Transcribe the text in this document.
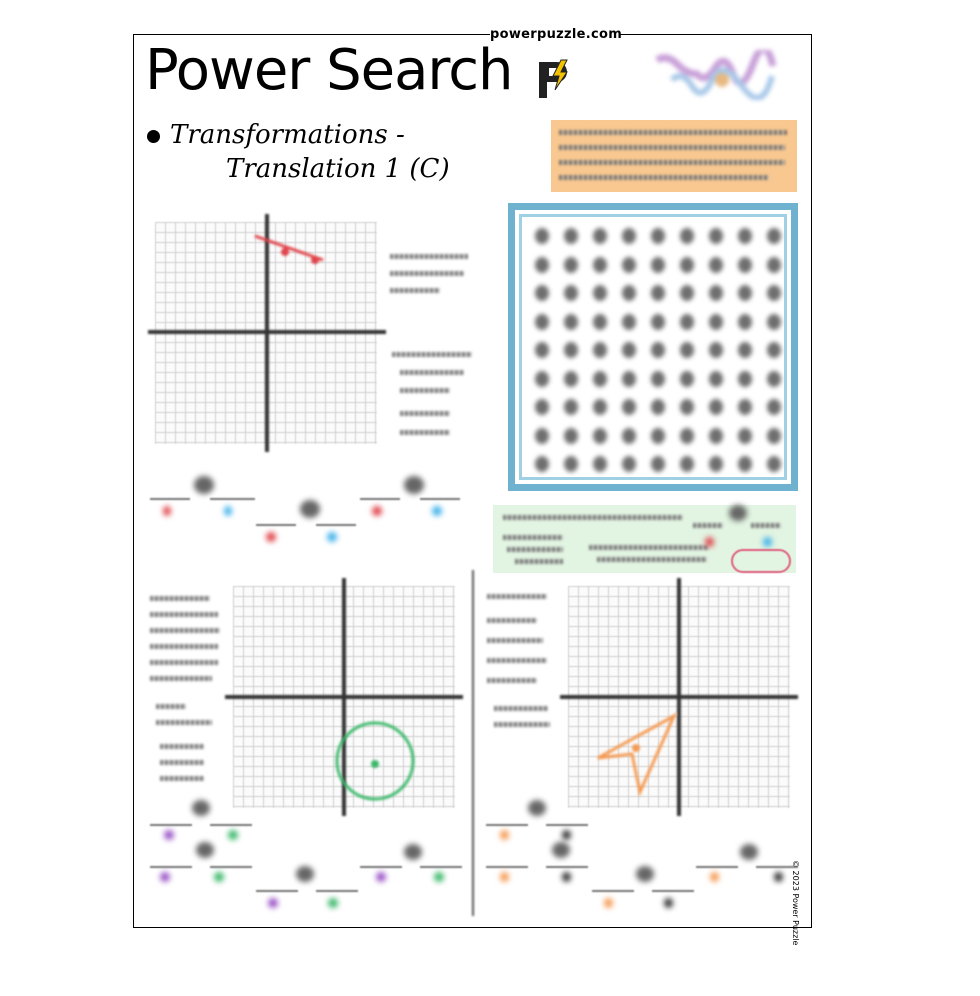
powerpuzzle.com
Power Search
Transformations -
Translation 1 (C)
© 2023 Power Puzzle
